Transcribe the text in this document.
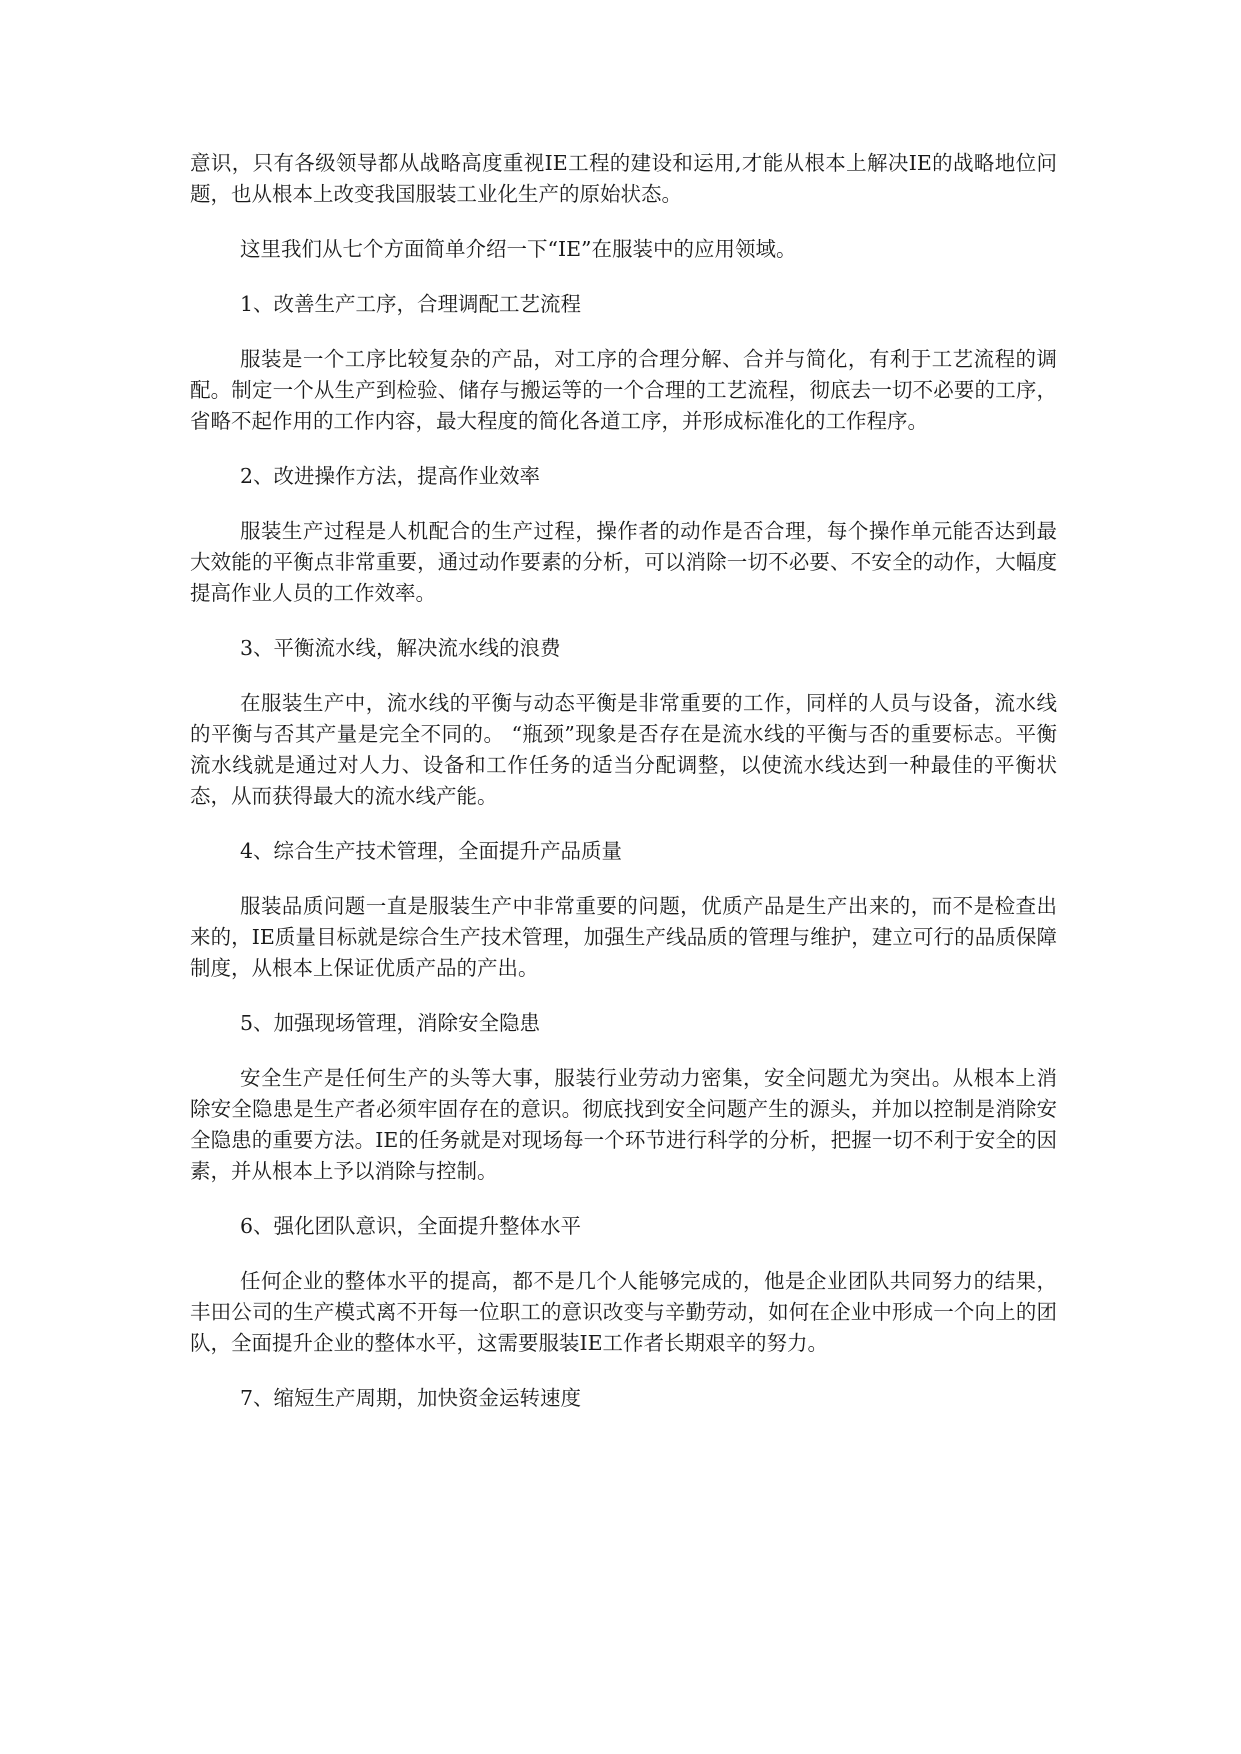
意识，只有各级领导都从战略高度重视IE工程的建设和运用,才能从根本上解决IE的战略地位问题，也从根本上改变我国服装工业化生产的原始状态。

这里我们从七个方面简单介绍一下“IE”在服装中的应用领域。

1、改善生产工序，合理调配工艺流程

服装是一个工序比较复杂的产品，对工序的合理分解、合并与简化，有利于工艺流程的调配。制定一个从生产到检验、储存与搬运等的一个合理的工艺流程，彻底去一切不必要的工序，省略不起作用的工作内容，最大程度的简化各道工序，并形成标准化的工作程序。

2、改进操作方法，提高作业效率

服装生产过程是人机配合的生产过程，操作者的动作是否合理，每个操作单元能否达到最大效能的平衡点非常重要，通过动作要素的分析，可以消除一切不必要、不安全的动作，大幅度提高作业人员的工作效率。

3、平衡流水线，解决流水线的浪费

在服装生产中，流水线的平衡与动态平衡是非常重要的工作，同样的人员与设备，流水线的平衡与否其产量是完全不同的。 “瓶颈”现象是否存在是流水线的平衡与否的重要标志。平衡流水线就是通过对人力、设备和工作任务的适当分配调整，以使流水线达到一种最佳的平衡状态，从而获得最大的流水线产能。

4、综合生产技术管理，全面提升产品质量

服装品质问题一直是服装生产中非常重要的问题，优质产品是生产出来的，而不是检查出来的，IE质量目标就是综合生产技术管理，加强生产线品质的管理与维护，建立可行的品质保障制度，从根本上保证优质产品的产出。

5、加强现场管理，消除安全隐患

安全生产是任何生产的头等大事，服装行业劳动力密集，安全问题尤为突出。从根本上消除安全隐患是生产者必须牢固存在的意识。彻底找到安全问题产生的源头，并加以控制是消除安全隐患的重要方法。IE的任务就是对现场每一个环节进行科学的分析，把握一切不利于安全的因素，并从根本上予以消除与控制。

6、强化团队意识，全面提升整体水平

任何企业的整体水平的提高，都不是几个人能够完成的，他是企业团队共同努力的结果，丰田公司的生产模式离不开每一位职工的意识改变与辛勤劳动，如何在企业中形成一个向上的团队，全面提升企业的整体水平，这需要服装IE工作者长期艰辛的努力。

7、缩短生产周期，加快资金运转速度
